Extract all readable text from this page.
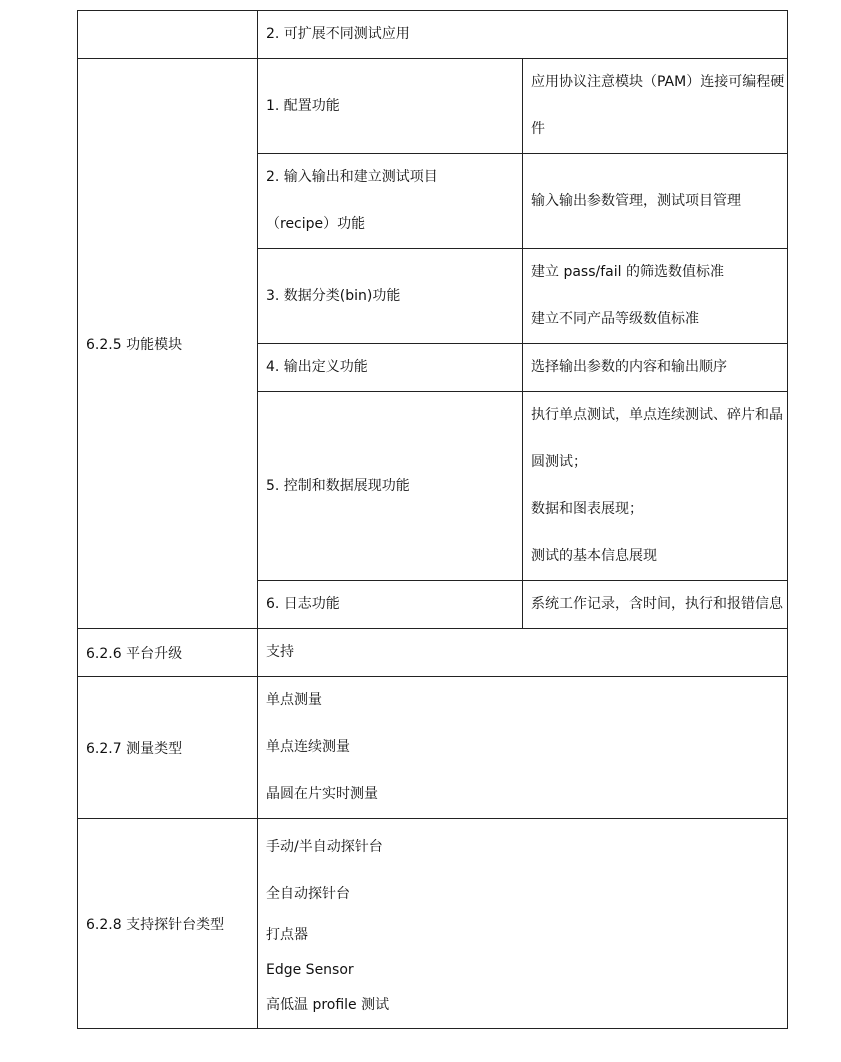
	2. 可扩展不同测试应用	

6.2.5 功能模块	1. 配置功能	应用协议注意模块（PAM）连接可编程硬
件

	2. 输入输出和建立测试项目
（recipe）功能	输入输出参数管理，测试项目管理

	3. 数据分类(bin)功能	建立 pass/fail 的筛选数值标准
建立不同产品等级数值标准

	4. 输出定义功能	选择输出参数的内容和输出顺序

	5. 控制和数据展现功能	执行单点测试，单点连续测试、碎片和晶
圆测试；
数据和图表展现；
测试的基本信息展现

	6. 日志功能	系统工作记录，含时间，执行和报错信息

6.2.6 平台升级	支持	

6.2.7 测量类型	单点测量
单点连续测量
晶圆在片实时测量	

6.2.8 支持探针台类型	手动/半自动探针台
全自动探针台
打点器
Edge Sensor
高低温 profile 测试	
